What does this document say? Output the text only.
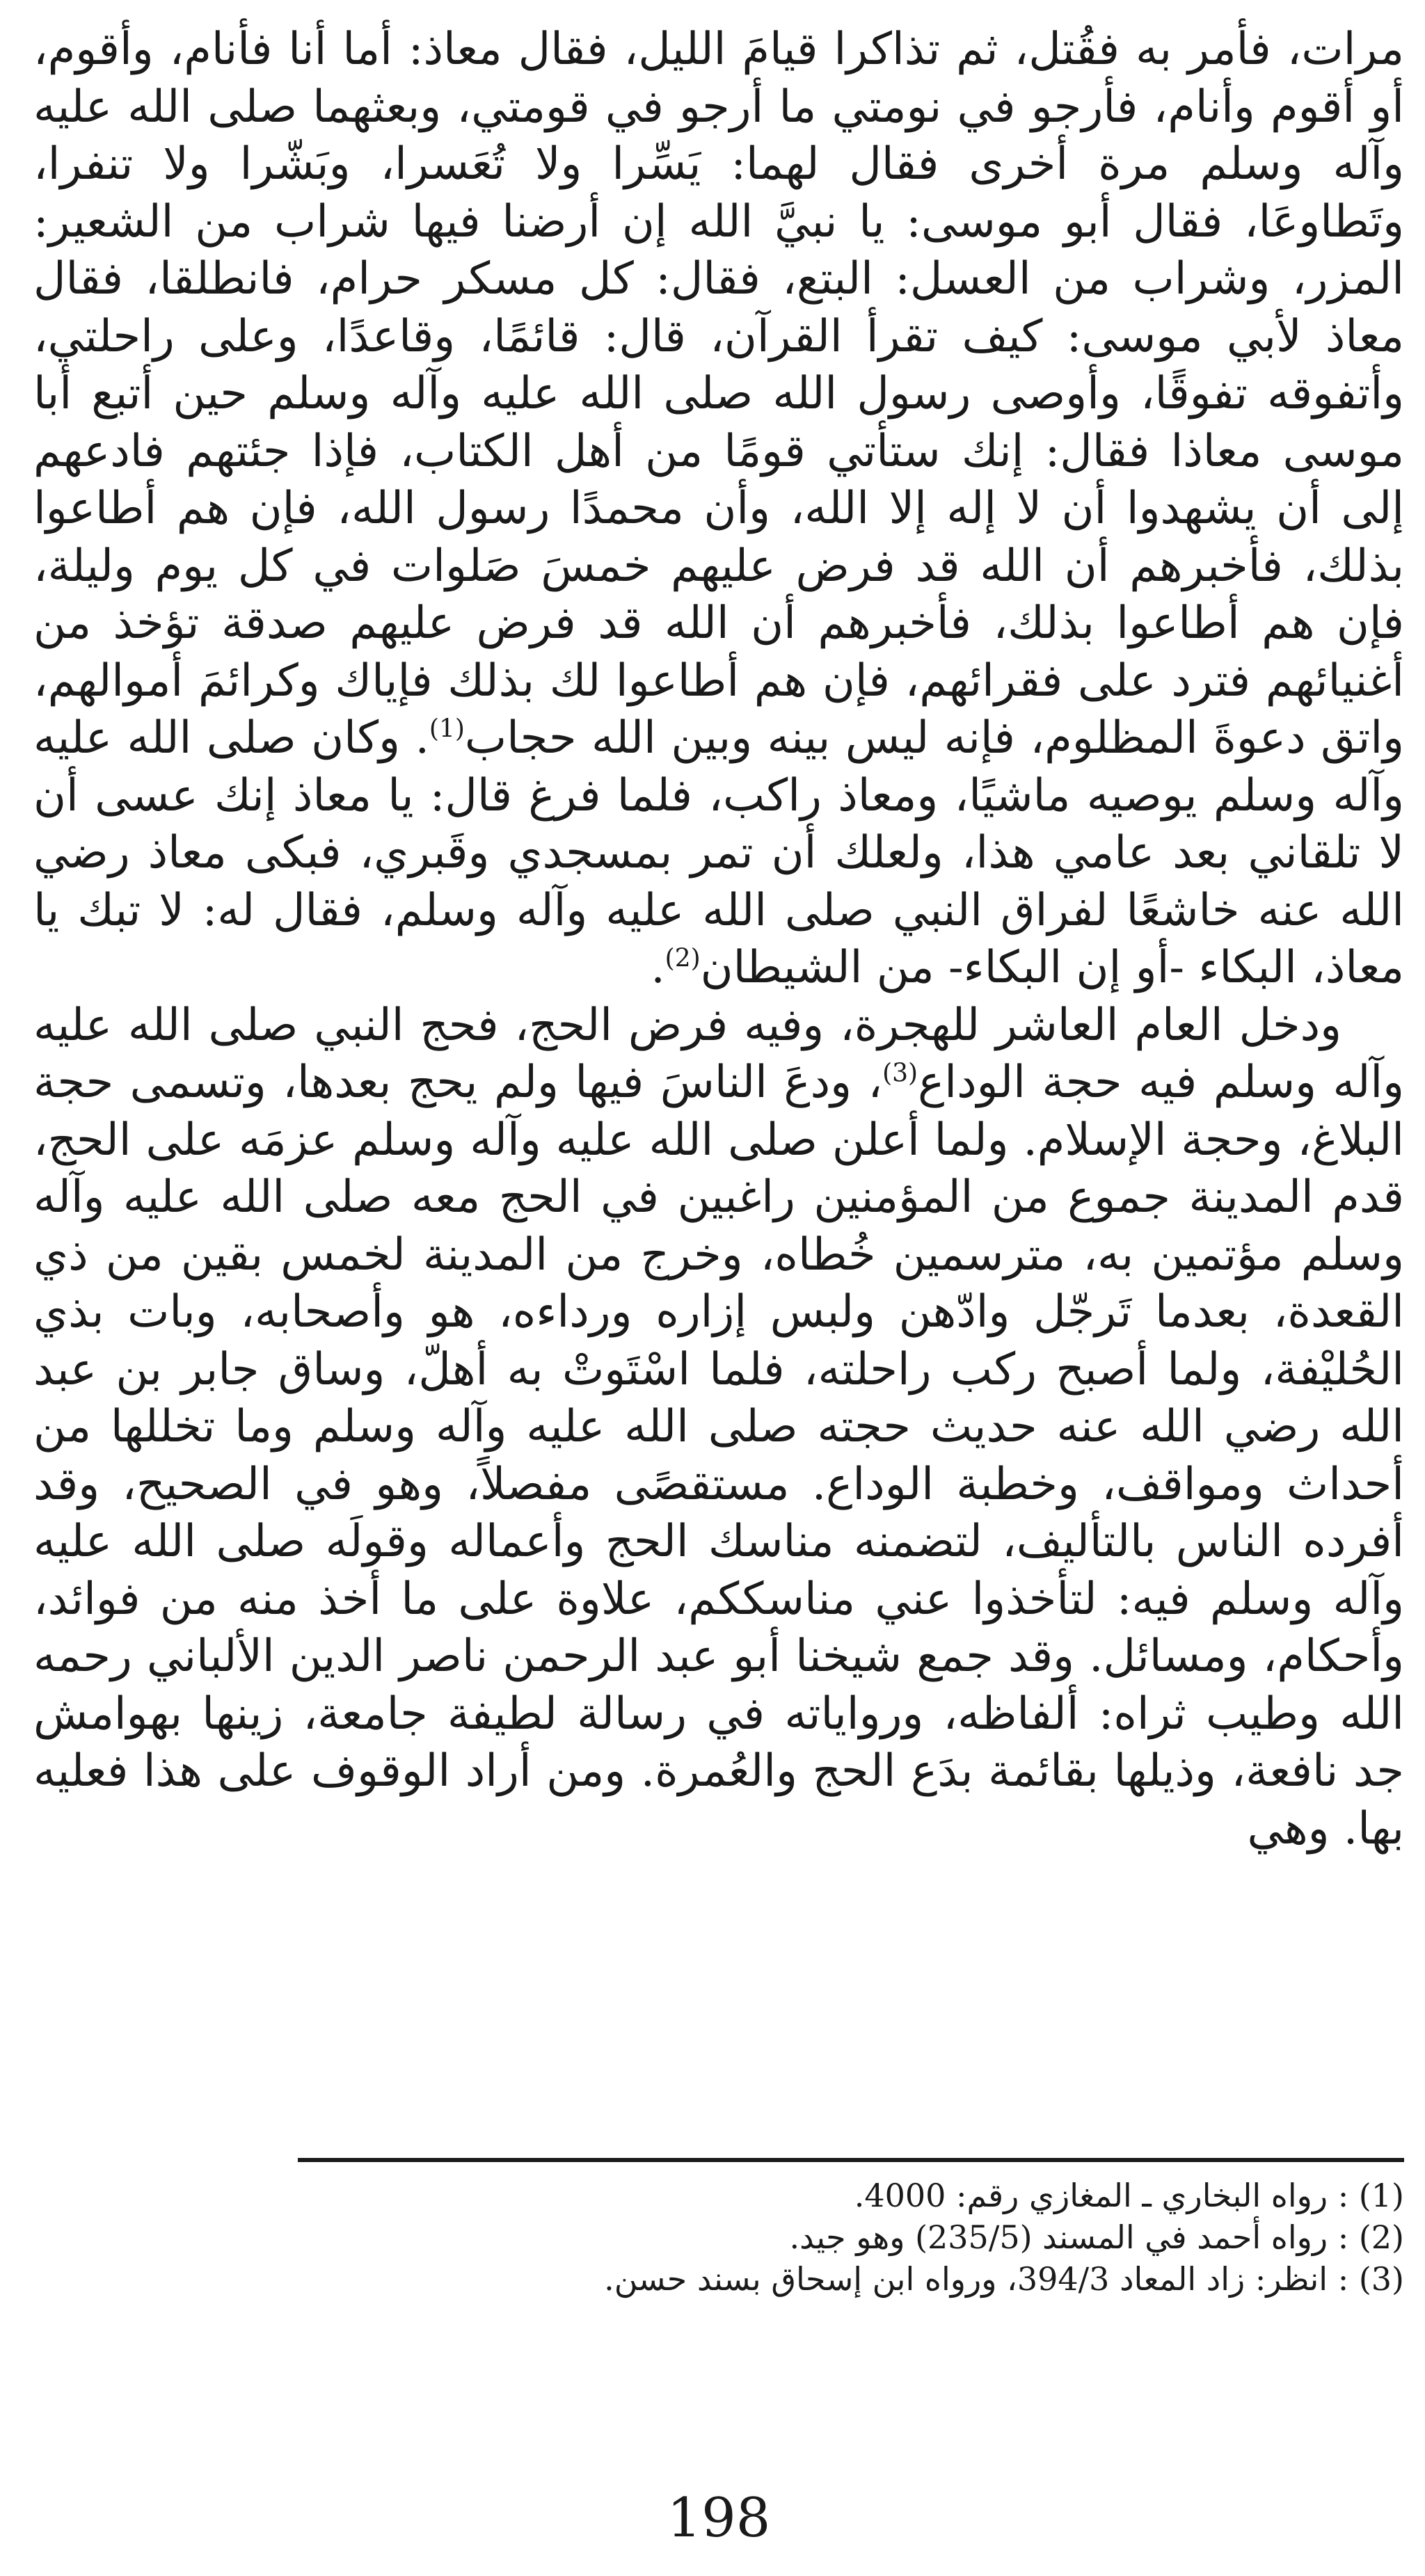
مرات، فأمر به فقُتل، ثم تذاكرا قيامَ الليل، فقال معاذ: أما أنا فأنام، وأقوم، أو أقوم وأنام، فأرجو في نومتي ما أرجو في قومتي، وبعثهما صلى الله عليه وآله وسلم مرة أخرى فقال لهما: يَسِّرا ولا تُعَسرا، وبَشّرا ولا تنفرا، وتَطاوعَا، فقال أبو موسى: يا نبيَّ الله إن أرضنا فيها شراب من الشعير: المزر، وشراب من العسل: البتع، فقال: كل مسكر حرام، فانطلقا، فقال معاذ لأبي موسى: كيف تقرأ القرآن، قال: قائمًا، وقاعدًا، وعلى راحلتي، وأتفوقه تفوقًا، وأوصى رسول الله صلى الله عليه وآله وسلم حين أتبع أبا موسى معاذا فقال: إنك ستأتي قومًا من أهل الكتاب، فإذا جئتهم فادعهم إلى أن يشهدوا أن لا إله إلا الله، وأن محمدًا رسول الله، فإن هم أطاعوا بذلك، فأخبرهم أن الله قد فرض عليهم خمسَ صَلوات في كل يوم وليلة، فإن هم أطاعوا بذلك، فأخبرهم أن الله قد فرض عليهم صدقة تؤخذ من أغنيائهم فترد على فقرائهم، فإن هم أطاعوا لك بذلك فإياك وكرائمَ أموالهم، واتق دعوةَ المظلوم، فإنه ليس بينه وبين الله حجاب$^{(1)}$. وكان صلى الله عليه وآله وسلم يوصيه ماشيًا، ومعاذ راكب، فلما فرغ قال: يا معاذ إنك عسى أن لا تلقاني بعد عامي هذا، ولعلك أن تمر بمسجدي وقَبري، فبكى معاذ رضي الله عنه خاشعًا لفراق النبي صلى الله عليه وآله وسلم، فقال له: لا تبك يا معاذ، البكاء -أو إن البكاء- من الشيطان$^{(2)}$.

ودخل العام العاشر للهجرة، وفيه فرض الحج، فحج النبي صلى الله عليه وآله وسلم فيه حجة الوداع$^{(3)}$، ودعَ الناسَ فيها ولم يحج بعدها، وتسمى حجة البلاغ، وحجة الإسلام. ولما أعلن صلى الله عليه وآله وسلم عزمَه على الحج، قدم المدينة جموع من المؤمنين راغبين في الحج معه صلى الله عليه وآله وسلم مؤتمين به، مترسمين خُطاه، وخرج من المدينة لخمس بقين من ذي القعدة، بعدما تَرجّل وادّهن ولبس إزاره ورداءه، هو وأصحابه، وبات بذي الحُليْفة، ولما أصبح ركب راحلته، فلما اسْتَوتْ به أهلّ، وساق جابر بن عبد الله رضي الله عنه حديث حجته صلى الله عليه وآله وسلم وما تخللها من أحداث ومواقف، وخطبة الوداع. مستقصًى مفصلاً، وهو في الصحيح، وقد أفرده الناس بالتأليف، لتضمنه مناسك الحج وأعماله وقولَه صلى الله عليه وآله وسلم فيه: لتأخذوا عني مناسككم، علاوة على ما أخذ منه من فوائد، وأحكام، ومسائل. وقد جمع شيخنا أبو عبد الرحمن ناصر الدين الألباني رحمه الله وطيب ثراه: ألفاظه، ورواياته في رسالة لطيفة جامعة، زينها بهوامش جد نافعة، وذيلها بقائمة بدَع الحج والعُمرة. ومن أراد الوقوف على هذا فعليه بها. وهي

(1) : رواه البخاري ـ المغازي رقم: 4000.

(2) : رواه أحمد في المسند (235/5) وهو جيد.

(3) : انظر: زاد المعاد 394/3، ورواه ابن إسحاق بسند حسن.

198
